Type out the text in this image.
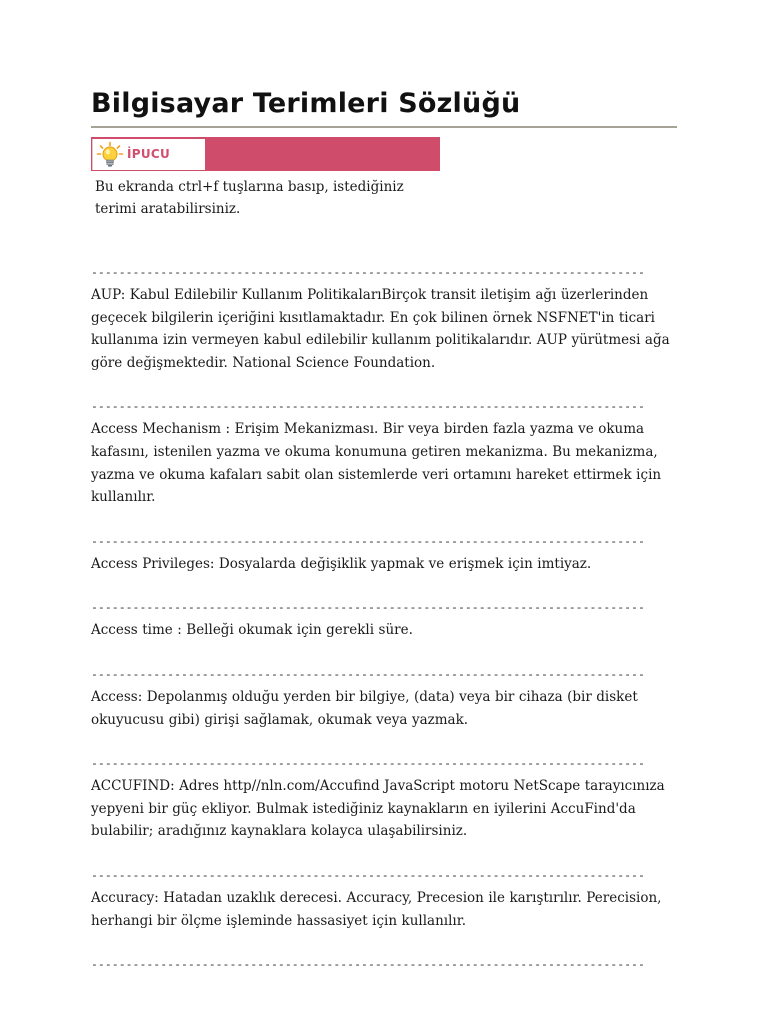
Bilgisayar Terimleri Sözlüğü
İPUCU
Bu ekranda ctrl+f tuşlarına basıp, istediğiniz terimi aratabilirsiniz.
--------------------------------------------------------------------------------
AUP: Kabul Edilebilir Kullanım PolitikalarıBirçok transit iletişim ağı üzerlerinden geçecek bilgilerin içeriğini kısıtlamaktadır. En çok bilinen örnek NSFNET'in ticari kullanıma izin vermeyen kabul edilebilir kullanım politikalarıdır. AUP yürütmesi ağa göre değişmektedir. National Science Foundation.
--------------------------------------------------------------------------------
Access Mechanism : Erişim Mekanizması. Bir veya birden fazla yazma ve okuma kafasını, istenilen yazma ve okuma konumuna getiren mekanizma. Bu mekanizma, yazma ve okuma kafaları sabit olan sistemlerde veri ortamını hareket ettirmek için kullanılır.
--------------------------------------------------------------------------------
Access Privileges: Dosyalarda değişiklik yapmak ve erişmek için imtiyaz.
--------------------------------------------------------------------------------
Access time : Belleği okumak için gerekli süre.
--------------------------------------------------------------------------------
Access: Depolanmış olduğu yerden bir bilgiye, (data) veya bir cihaza (bir disket okuyucusu gibi) girişi sağlamak, okumak veya yazmak.
--------------------------------------------------------------------------------
ACCUFIND: Adres http//nln.com/Accufind JavaScript motoru NetScape tarayıcınıza yepyeni bir güç ekliyor. Bulmak istediğiniz kaynakların en iyilerini AccuFind'da bulabilir; aradığınız kaynaklara kolayca ulaşabilirsiniz.
--------------------------------------------------------------------------------
Accuracy: Hatadan uzaklık derecesi. Accuracy, Precesion ile karıştırılır. Perecision, herhangi bir ölçme işleminde hassasiyet için kullanılır.
--------------------------------------------------------------------------------
